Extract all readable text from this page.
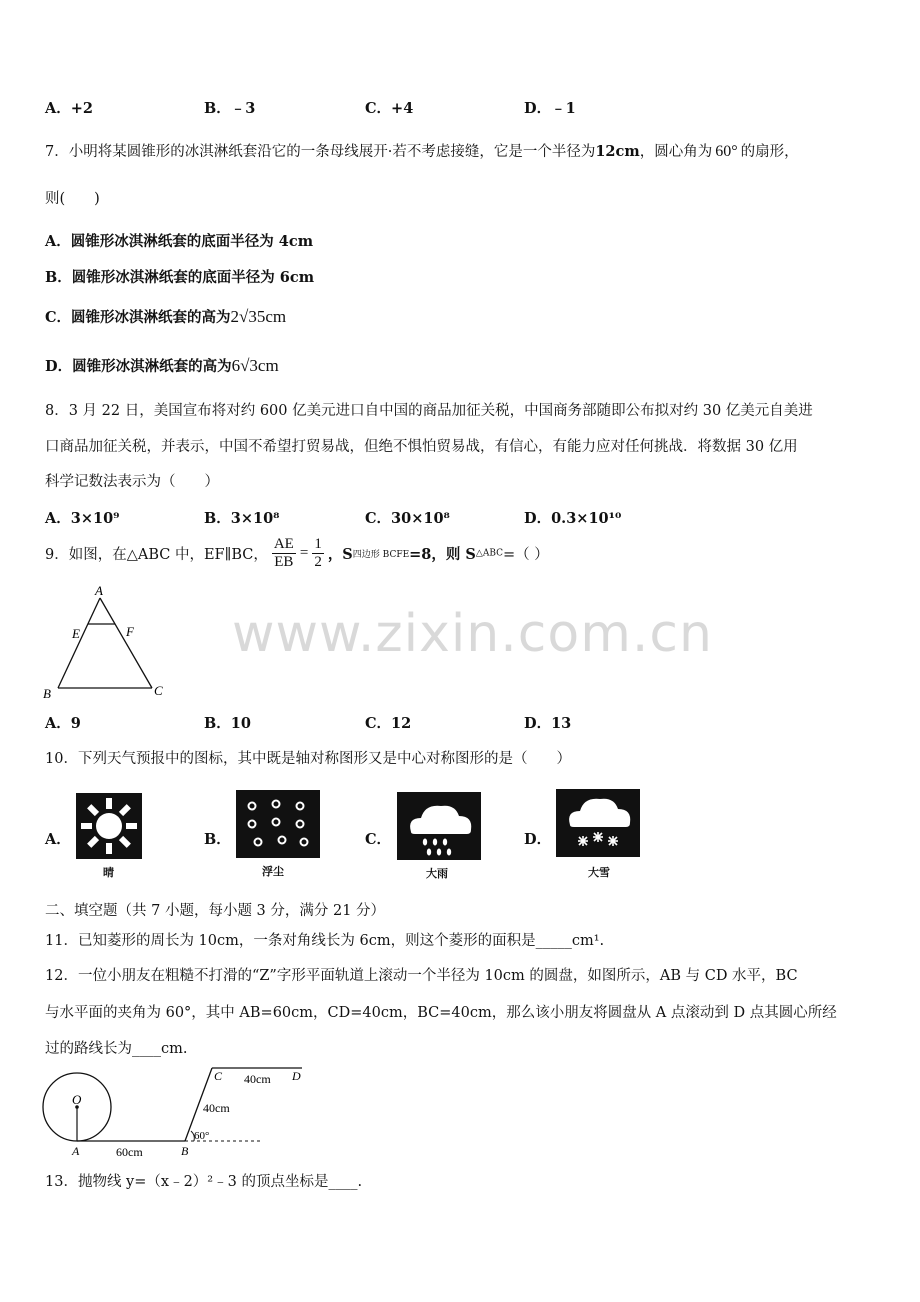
A．+2	B．﹣3	C．+4	D．﹣1
7．小明将某圆锥形的冰淇淋纸套沿它的一条母线展开·若不考虑接缝，它是一个半径为12cm，圆心角为 60° 的扇形，
则(　　)
A．圆锥形冰淇淋纸套的底面半径为 4cm
B．圆锥形冰淇淋纸套的底面半径为 6cm
C．圆锥形冰淇淋纸套的高为2√35cm
D．圆锥形冰淇淋纸套的高为6√3cm
8．3 月 22 日，美国宣布将对约 600 亿美元进口自中国的商品加征关税，中国商务部随即公布拟对约 30 亿美元自美进
口商品加征关税，并表示，中国不希望打贸易战，但绝不惧怕贸易战，有信心，有能力应对任何挑战．将数据 30 亿用
科学记数法表示为（　　）
A．3×10⁹	B．3×10⁸	C．30×10⁸	D．0.3×10¹⁰
9．如图，在△ABC 中，EF∥BC， $\frac{AE}{EB} = \frac{1}{2}$ ，S四边形 BCFE=8，则 S△ABC=（ ）
A
E	F
B	C
www.zixin.com.cn
A．9	B．10	C．12	D．13
10．下列天气预报中的图标，其中既是轴对称图形又是中心对称图形的是（　　）
A．
晴
B．
浮尘
C．
大雨
D．
大雪
二、填空题（共 7 小题，每小题 3 分，满分 21 分）
11．已知菱形的周长为 10cm，一条对角线长为 6cm，则这个菱形的面积是_____cm¹.
12．一位小朋友在粗糙不打滑的“Z”字形平面轨道上滚动一个半径为 10cm 的圆盘，如图所示，AB 与 CD 水平，BC
与水平面的夹角为 60°，其中 AB=60cm，CD=40cm，BC=40cm，那么该小朋友将圆盘从 A 点滚动到 D 点其圆心所经
过的路线长为____cm.
O
A	B
C	D
60cm
40cm
40cm
60°
13．抛物线 y=（x﹣2）²﹣3 的顶点坐标是____.
